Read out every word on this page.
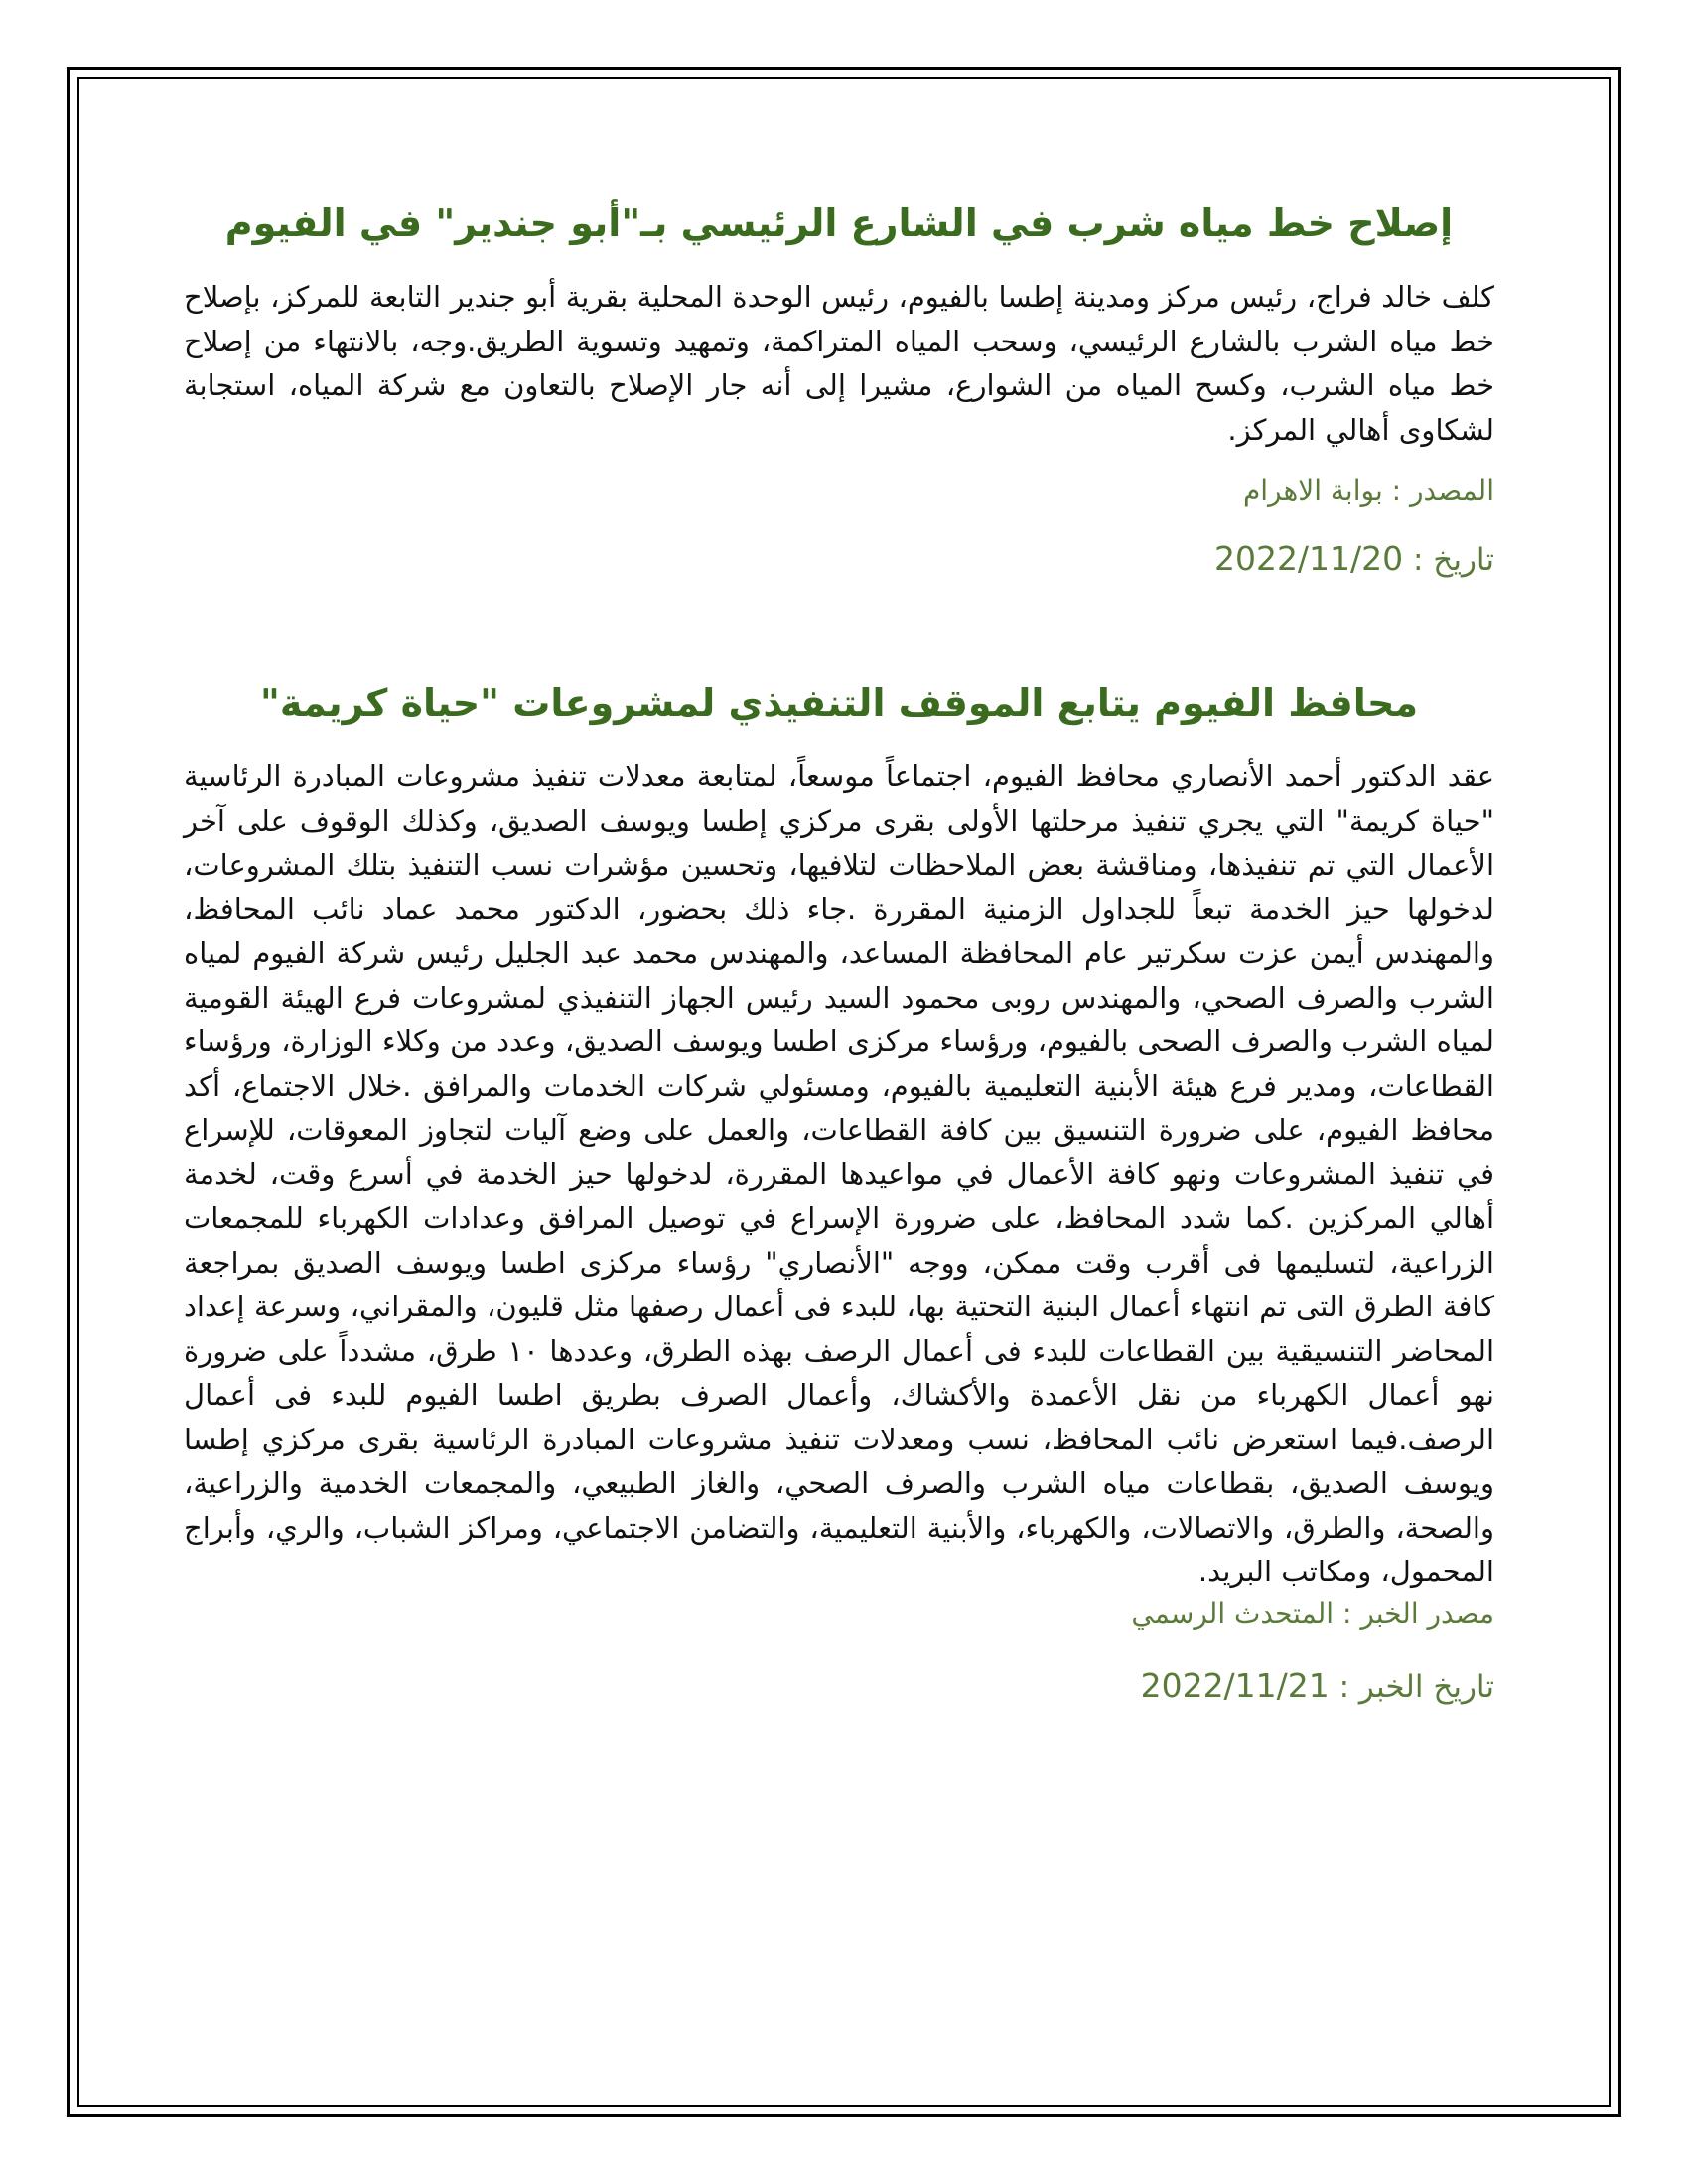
إصلاح خط مياه شرب في الشارع الرئيسي بـ"أبو جندير" في الفيوم

كلف خالد فراج، رئيس مركز ومدينة إطسا بالفيوم، رئيس الوحدة المحلية بقرية أبو جندير التابعة للمركز، بإصلاح خط مياه الشرب بالشارع الرئيسي، وسحب المياه المتراكمة، وتمهيد وتسوية الطريق.وجه، بالانتهاء من إصلاح خط مياه الشرب، وكسح المياه من الشوارع، مشيرا إلى أنه جار الإصلاح بالتعاون مع شركة المياه، استجابة لشكاوى أهالي المركز.

المصدر : بوابة الاهرام
تاريخ : 2022/11/20
محافظ الفيوم يتابع الموقف التنفيذي لمشروعات "حياة كريمة"

عقد الدكتور أحمد الأنصاري محافظ الفيوم، اجتماعاً موسعاً، لمتابعة معدلات تنفيذ مشروعات المبادرة الرئاسية "حياة كريمة" التي يجري تنفيذ مرحلتها الأولى بقرى مركزي إطسا ويوسف الصديق، وكذلك الوقوف على آخر الأعمال التي تم تنفيذها، ومناقشة بعض الملاحظات لتلافيها، وتحسين مؤشرات نسب التنفيذ بتلك المشروعات، لدخولها حيز الخدمة تبعاً للجداول الزمنية المقررة .جاء ذلك بحضور، الدكتور محمد عماد نائب المحافظ، والمهندس أيمن عزت سكرتير عام المحافظة المساعد، والمهندس محمد عبد الجليل رئيس شركة الفيوم لمياه الشرب والصرف الصحي، والمهندس روبى محمود السيد رئيس الجهاز التنفيذي لمشروعات فرع الهيئة القومية لمياه الشرب والصرف الصحى بالفيوم، ورؤساء مركزى اطسا ويوسف الصديق، وعدد من وكلاء الوزارة، ورؤساء القطاعات، ومدير فرع هيئة الأبنية التعليمية بالفيوم، ومسئولي شركات الخدمات والمرافق .خلال الاجتماع، أكد محافظ الفيوم، على ضرورة التنسيق بين كافة القطاعات، والعمل على وضع آليات لتجاوز المعوقات، للإسراع في تنفيذ المشروعات ونهو كافة الأعمال في مواعيدها المقررة، لدخولها حيز الخدمة في أسرع وقت، لخدمة أهالي المركزين .كما شدد المحافظ، على ضرورة الإسراع في توصيل المرافق وعدادات الكهرباء للمجمعات الزراعية، لتسليمها فى أقرب وقت ممكن، ووجه "الأنصاري" رؤساء مركزى اطسا ويوسف الصديق بمراجعة كافة الطرق التى تم انتهاء أعمال البنية التحتية بها، للبدء فى أعمال رصفها مثل قليون، والمقراني، وسرعة إعداد المحاضر التنسيقية بين القطاعات للبدء فى أعمال الرصف بهذه الطرق، وعددها ١٠ طرق، مشدداً على ضرورة نهو أعمال الكهرباء من نقل الأعمدة والأكشاك، وأعمال الصرف بطريق اطسا الفيوم للبدء فى أعمال الرصف.فيما استعرض نائب المحافظ، نسب ومعدلات تنفيذ مشروعات المبادرة الرئاسية بقرى مركزي إطسا ويوسف الصديق، بقطاعات مياه الشرب والصرف الصحي، والغاز الطبيعي، والمجمعات الخدمية والزراعية، والصحة، والطرق، والاتصالات، والكهرباء، والأبنية التعليمية، والتضامن الاجتماعي، ومراكز الشباب، والري، وأبراج المحمول، ومكاتب البريد.

مصدر الخبر : المتحدث الرسمي
تاريخ الخبر : 2022/11/21
